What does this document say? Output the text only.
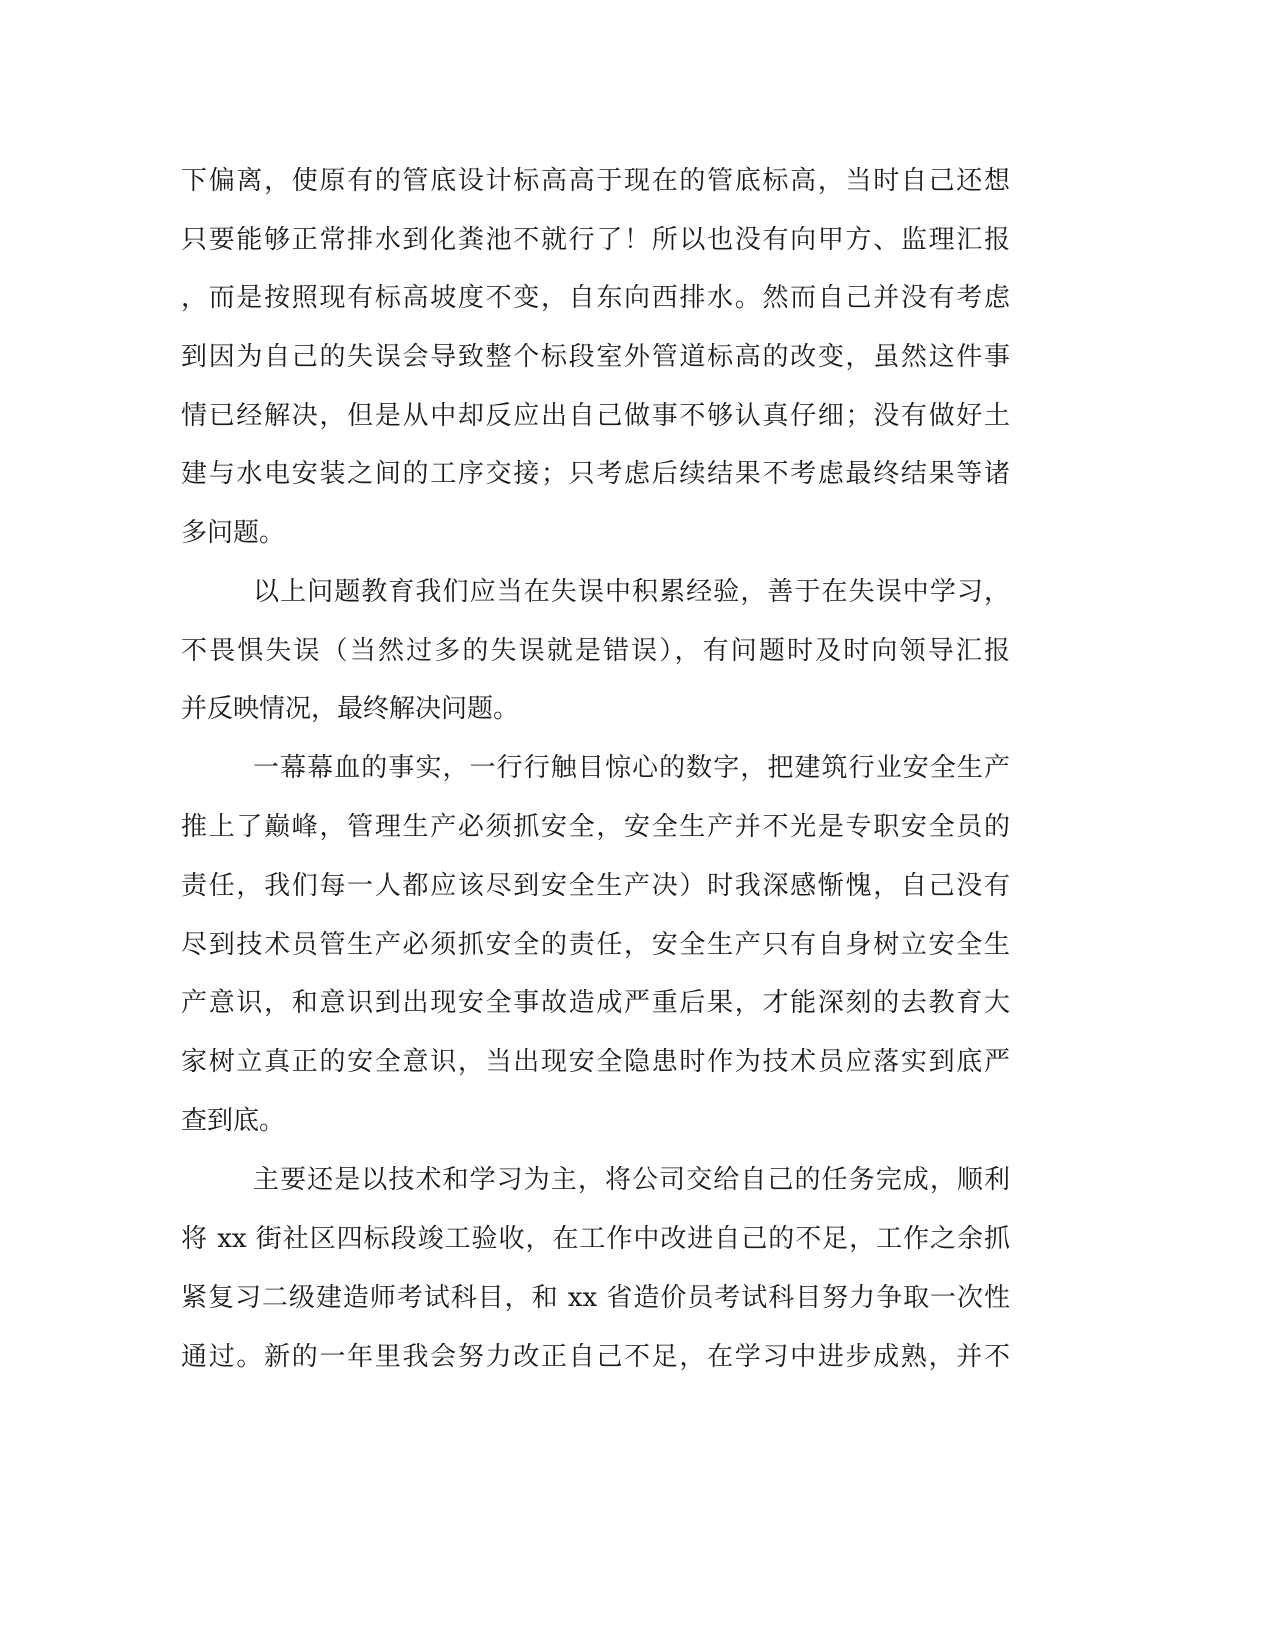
下偏离，使原有的管底设计标高高于现在的管底标高，当时自己还想
只要能够正常排水到化粪池不就行了！所以也没有向甲方、监理汇报
，而是按照现有标高坡度不变，自东向西排水。然而自己并没有考虑
到因为自己的失误会导致整个标段室外管道标高的改变，虽然这件事
情已经解决，但是从中却反应出自己做事不够认真仔细；没有做好土
建与水电安装之间的工序交接；只考虑后续结果不考虑最终结果等诸
多问题。
以上问题教育我们应当在失误中积累经验，善于在失误中学习，
不畏惧失误（当然过多的失误就是错误），有问题时及时向领导汇报
并反映情况，最终解决问题。
一幕幕血的事实，一行行触目惊心的数字，把建筑行业安全生产
推上了巅峰，管理生产必须抓安全，安全生产并不光是专职安全员的
责任，我们每一人都应该尽到安全生产决）时我深感惭愧，自己没有
尽到技术员管生产必须抓安全的责任，安全生产只有自身树立安全生
产意识，和意识到出现安全事故造成严重后果，才能深刻的去教育大
家树立真正的安全意识，当出现安全隐患时作为技术员应落实到底严
查到底。
主要还是以技术和学习为主，将公司交给自己的任务完成，顺利
将 xx 街社区四标段竣工验收，在工作中改进自己的不足，工作之余抓
紧复习二级建造师考试科目，和 xx 省造价员考试科目努力争取一次性
通过。新的一年里我会努力改正自己不足，在学习中进步成熟，并不
